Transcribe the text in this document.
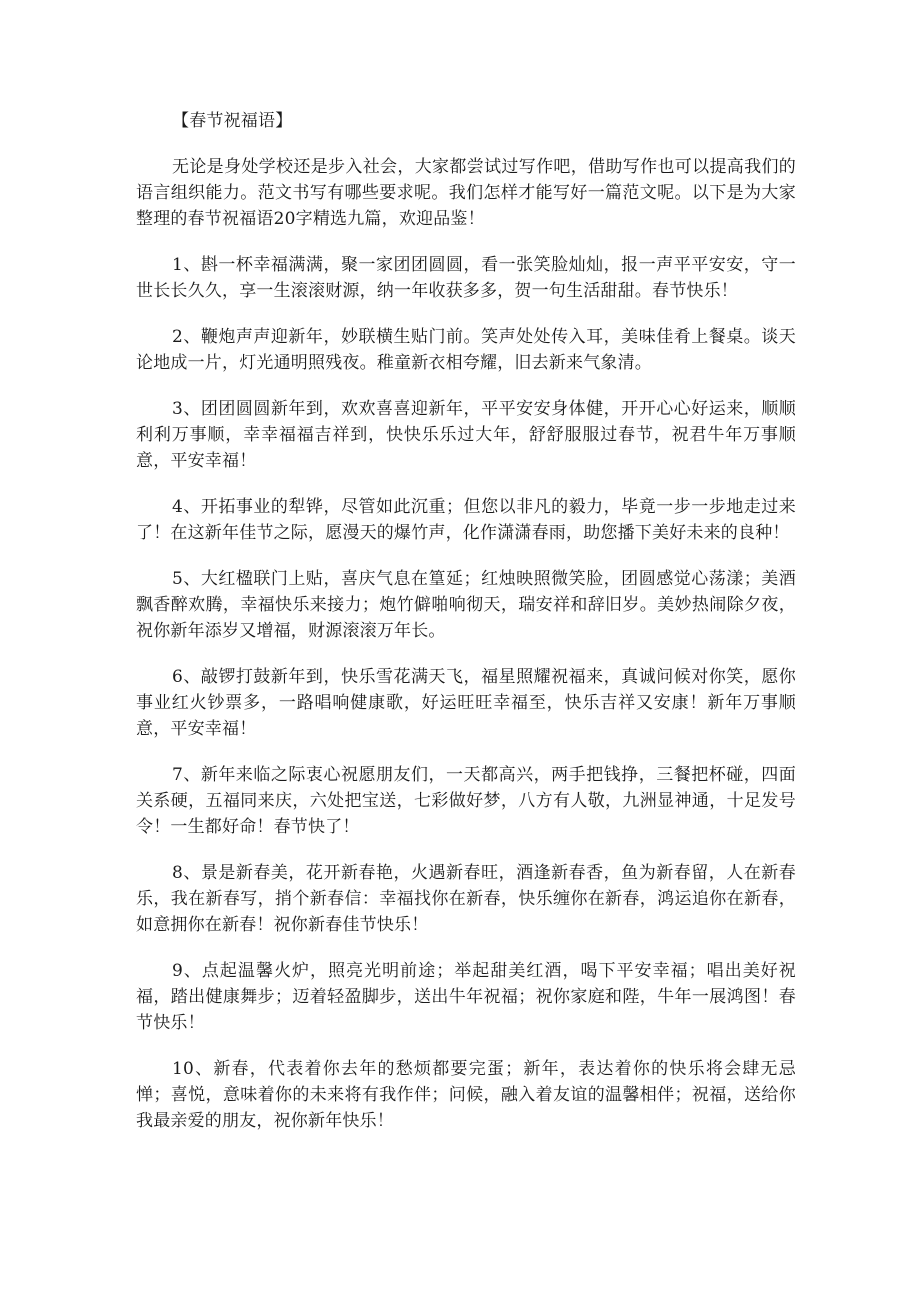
【春节祝福语】

无论是身处学校还是步入社会，大家都尝试过写作吧，借助写作也可以提高我们的语言组织能力。范文书写有哪些要求呢。我们怎样才能写好一篇范文呢。以下是为大家整理的春节祝福语20字精选九篇，欢迎品鉴！

1、斟一杯幸福满满，聚一家团团圆圆，看一张笑脸灿灿，报一声平平安安，守一世长长久久，享一生滚滚财源，纳一年收获多多，贺一句生活甜甜。春节快乐！

2、鞭炮声声迎新年，妙联横生贴门前。笑声处处传入耳，美味佳肴上餐桌。谈天论地成一片，灯光通明照残夜。稚童新衣相夸耀，旧去新来气象清。

3、团团圆圆新年到，欢欢喜喜迎新年，平平安安身体健，开开心心好运来，顺顺利利万事顺，幸幸福福吉祥到，快快乐乐过大年，舒舒服服过春节，祝君牛年万事顺意，平安幸福！

4、开拓事业的犁铧，尽管如此沉重；但您以非凡的毅力，毕竟一步一步地走过来了！在这新年佳节之际，愿漫天的爆竹声，化作潇潇春雨，助您播下美好未来的良种！

5、大红楹联门上贴，喜庆气息在篁延；红烛映照微笑脸，团圆感觉心荡漾；美酒飘香醉欢腾，幸福快乐来接力；炮竹僻啪响彻天，瑞安祥和辞旧岁。美妙热闹除夕夜，祝你新年添岁又增福，财源滚滚万年长。

6、敲锣打鼓新年到，快乐雪花满天飞，福星照耀祝福来，真诚问候对你笑，愿你事业红火钞票多，一路唱响健康歌，好运旺旺幸福至，快乐吉祥又安康！新年万事顺意，平安幸福！

7、新年来临之际衷心祝愿朋友们，一天都高兴，两手把钱挣，三餐把杯碰，四面关系硬，五福同来庆，六处把宝送，七彩做好梦，八方有人敬，九洲显神通，十足发号令！一生都好命！春节快了！

8、景是新春美，花开新春艳，火遇新春旺，酒逢新春香，鱼为新春留，人在新春乐，我在新春写，捎个新春信：幸福找你在新春，快乐缠你在新春，鸿运追你在新春，如意拥你在新春！祝你新春佳节快乐！

9、点起温馨火炉，照亮光明前途；举起甜美红酒，喝下平安幸福；唱出美好祝福，踏出健康舞步；迈着轻盈脚步，送出牛年祝福；祝你家庭和陛，牛年一展鸿图！春节快乐！

10、新春，代表着你去年的愁烦都要完蛋；新年，表达着你的快乐将会肆无忌惮；喜悦，意味着你的未来将有我作伴；问候，融入着友谊的温馨相伴；祝福，送给你我最亲爱的朋友，祝你新年快乐！
